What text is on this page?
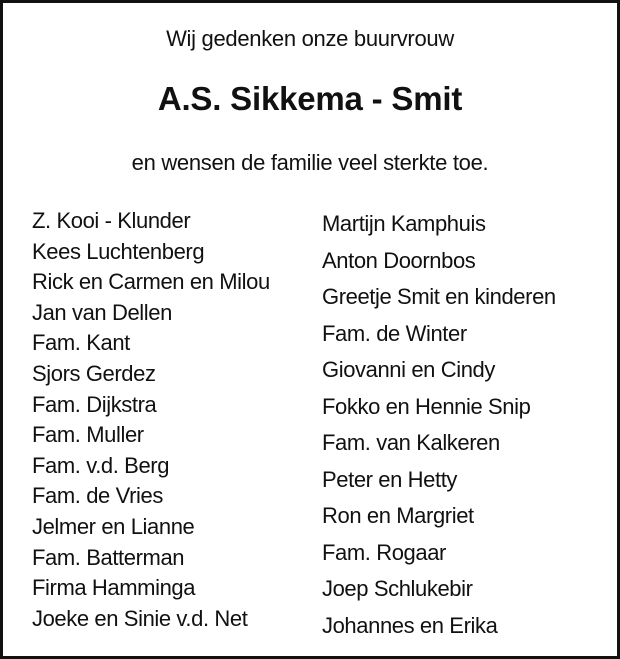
Wij gedenken onze buurvrouw
A.S. Sikkema - Smit
en wensen de familie veel sterkte toe.
Z. Kooi - Klunder
Kees Luchtenberg
Rick en Carmen en Milou
Jan van Dellen
Fam. Kant
Sjors Gerdez
Fam. Dijkstra
Fam. Muller
Fam. v.d. Berg
Fam. de Vries
Jelmer en Lianne
Fam. Batterman
Firma Hamminga
Joeke en Sinie v.d. Net
Martijn Kamphuis
Anton Doornbos
Greetje Smit en kinderen
Fam. de Winter
Giovanni en Cindy
Fokko en Hennie Snip
Fam. van Kalkeren
Peter en Hetty
Ron en Margriet
Fam. Rogaar
Joep Schlukebir
Johannes en Erika
